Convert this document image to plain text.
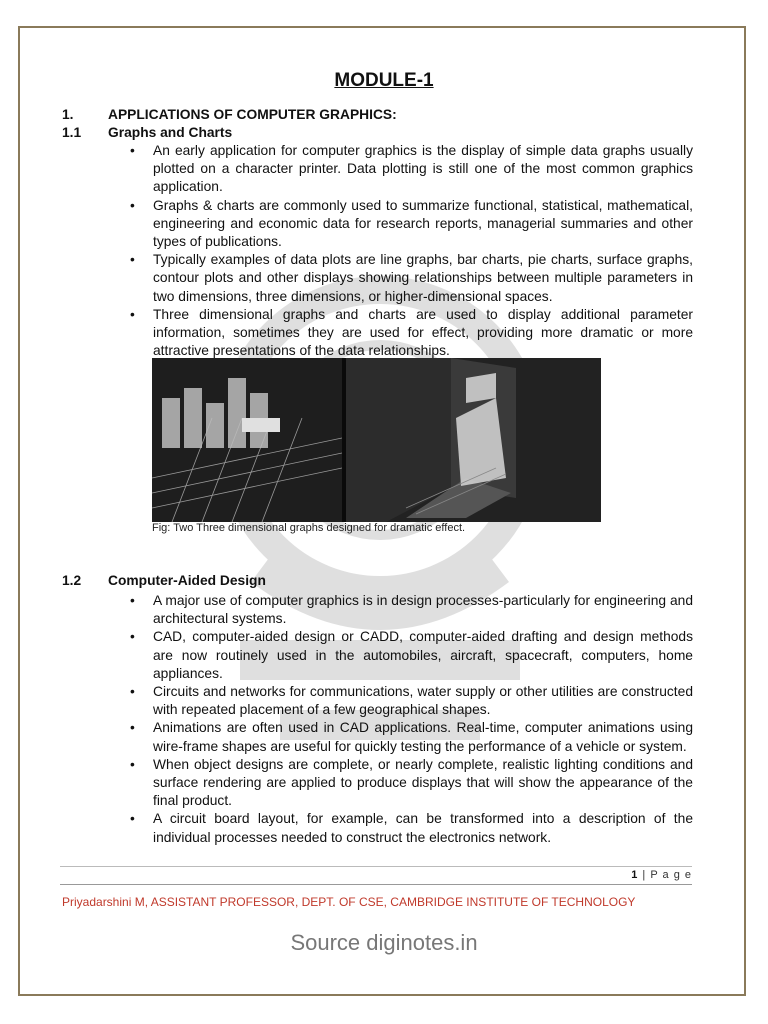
MODULE-1
1. APPLICATIONS OF COMPUTER GRAPHICS:
1.1 Graphs and Charts
• An early application for computer graphics is the display of simple data graphs usually plotted on a character printer. Data plotting is still one of the most common graphics application.
• Graphs & charts are commonly used to summarize functional, statistical, mathematical, engineering and economic data for research reports, managerial summaries and other types of publications.
• Typically examples of data plots are line graphs, bar charts, pie charts, surface graphs, contour plots and other displays showing relationships between multiple parameters in two dimensions, three dimensions, or higher-dimensional spaces.
• Three dimensional graphs and charts are used to display additional parameter information, sometimes they are used for effect, providing more dramatic or more attractive presentations of the data relationships.
Fig: Two Three dimensional graphs designed for dramatic effect.
1.2 Computer-Aided Design
• A major use of computer graphics is in design processes-particularly for engineering and architectural systems.
• CAD, computer-aided design or CADD, computer-aided drafting and design methods are now routinely used in the automobiles, aircraft, spacecraft, computers, home appliances.
• Circuits and networks for communications, water supply or other utilities are constructed with repeated placement of a few geographical shapes.
• Animations are often used in CAD applications. Real-time, computer animations using wire-frame shapes are useful for quickly testing the performance of a vehicle or system.
• When object designs are complete, or nearly complete, realistic lighting conditions and surface rendering are applied to produce displays that will show the appearance of the final product.
• A circuit board layout, for example, can be transformed into a description of the individual processes needed to construct the electronics network.
1 | P a g e
Priyadarshini M, ASSISTANT PROFESSOR, DEPT. OF CSE, CAMBRIDGE INSTITUTE OF TECHNOLOGY
Source diginotes.in
